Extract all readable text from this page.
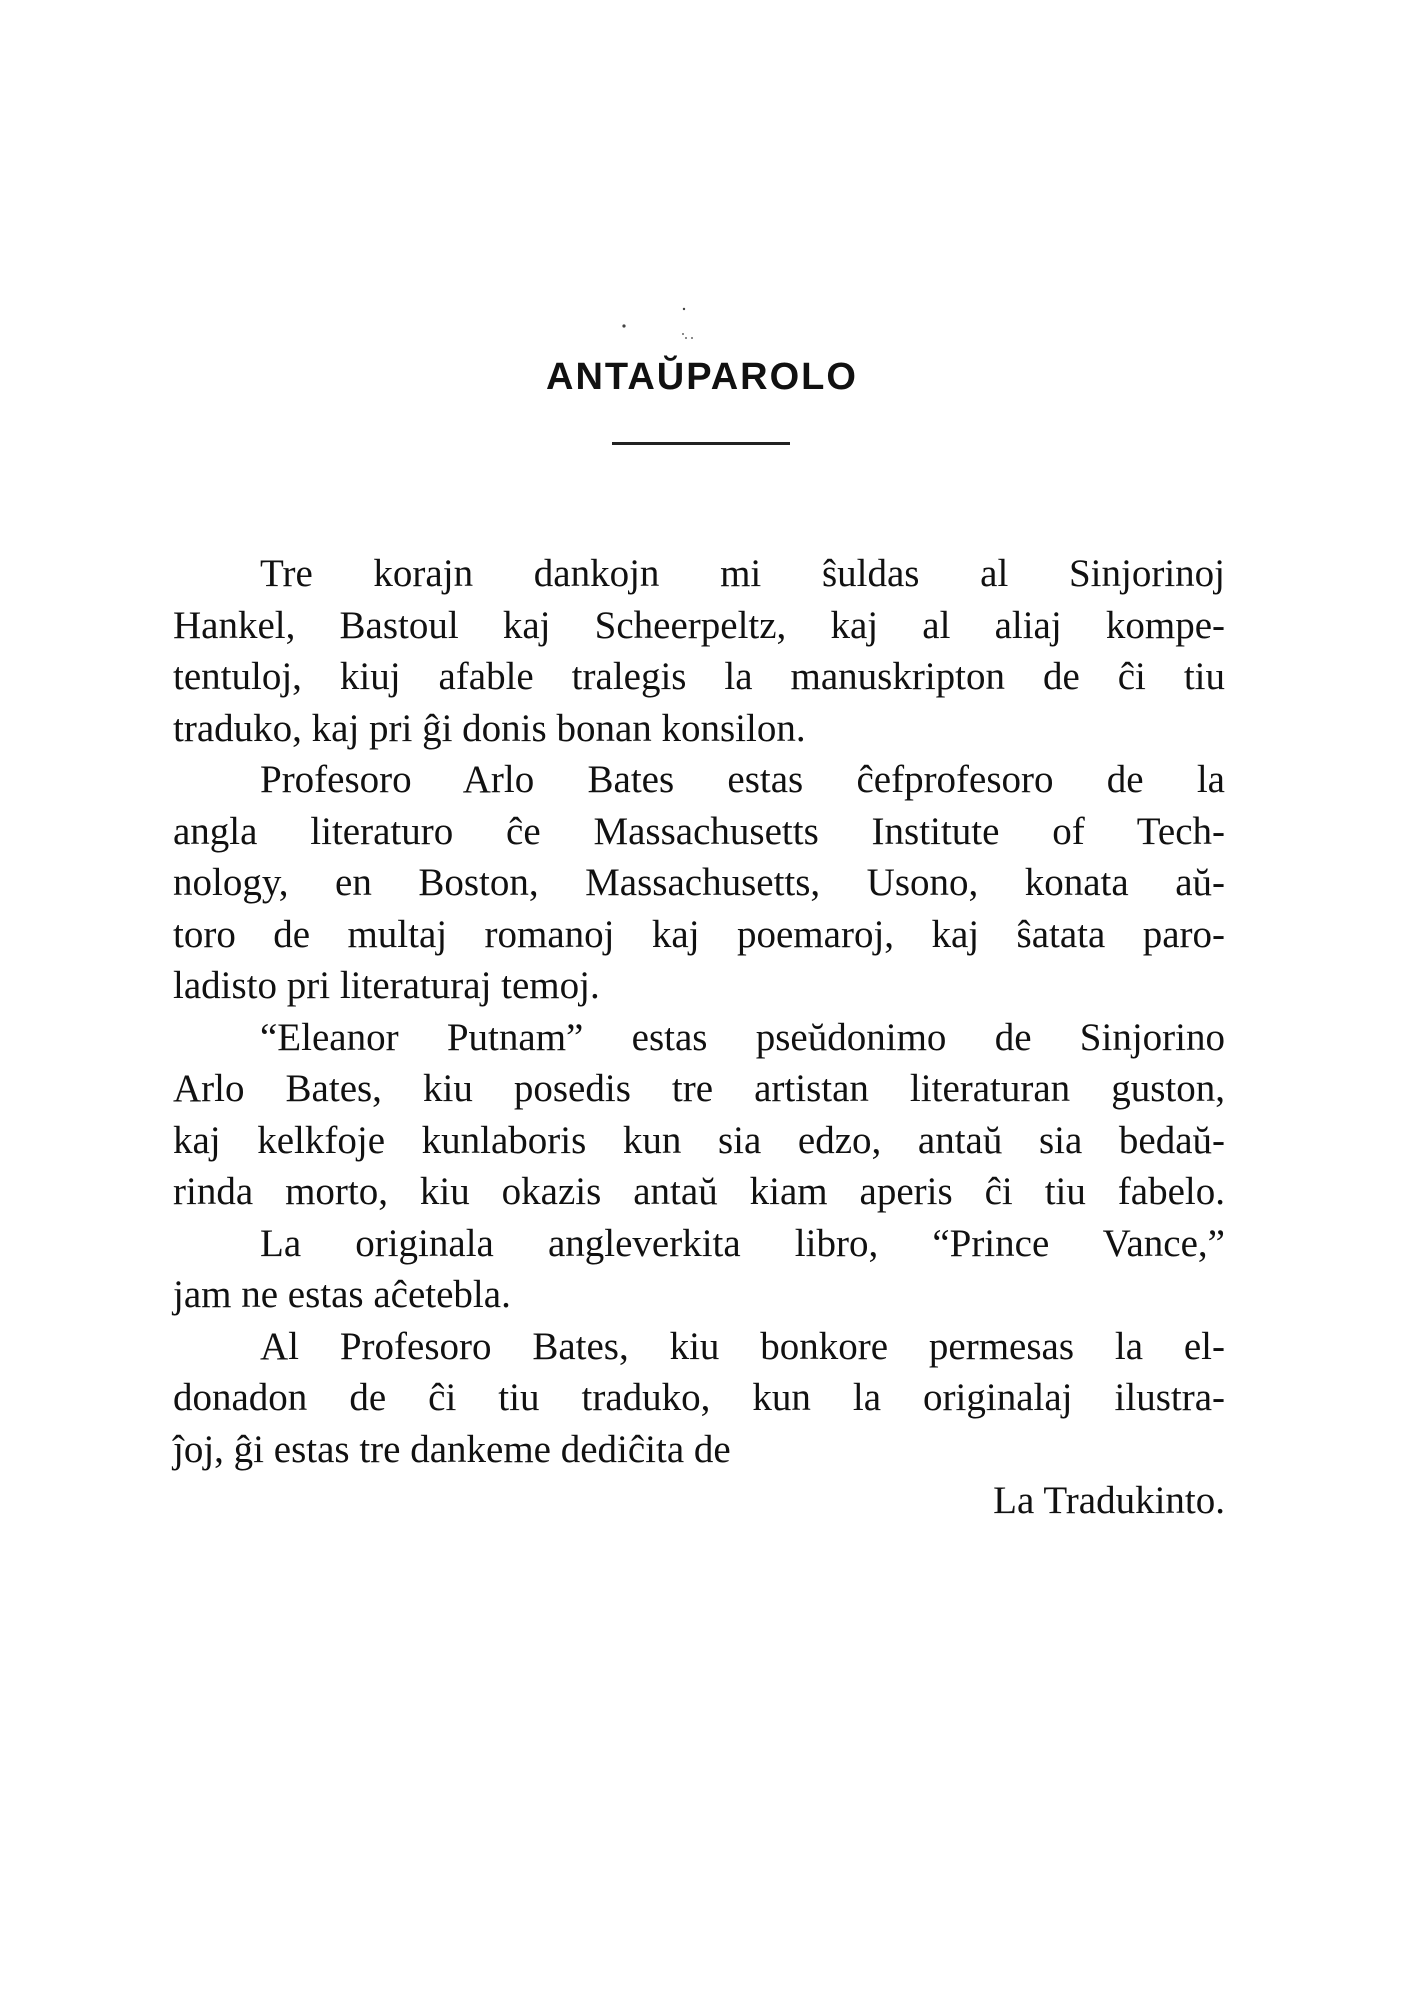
ANTAŬPAROLO
Tre korajn dankojn mi ŝuldas al Sinjorinoj
Hankel, Bastoul kaj Scheerpeltz, kaj al aliaj kompe-
tentuloj, kiuj afable tralegis la manuskripton de ĉi tiu
traduko, kaj pri ĝi donis bonan konsilon.
Profesoro Arlo Bates estas ĉefprofesoro de la
angla literaturo ĉe Massachusetts Institute of Tech-
nology, en Boston, Massachusetts, Usono, konata aŭ-
toro de multaj romanoj kaj poemaroj, kaj ŝatata paro-
ladisto pri literaturaj temoj.
“Eleanor Putnam” estas pseŭdonimo de Sinjorino
Arlo Bates, kiu posedis tre artistan literaturan guston,
kaj kelkfoje kunlaboris kun sia edzo, antaŭ sia bedaŭ-
rinda morto, kiu okazis antaŭ kiam aperis ĉi tiu fabelo.
La originala angleverkita libro, “Prince Vance,”
jam ne estas aĉetebla.
Al Profesoro Bates, kiu bonkore permesas la el-
donadon de ĉi tiu traduko, kun la originalaj ilustra-
ĵoj, ĝi estas tre dankeme dediĉita de
La Tradukinto.
